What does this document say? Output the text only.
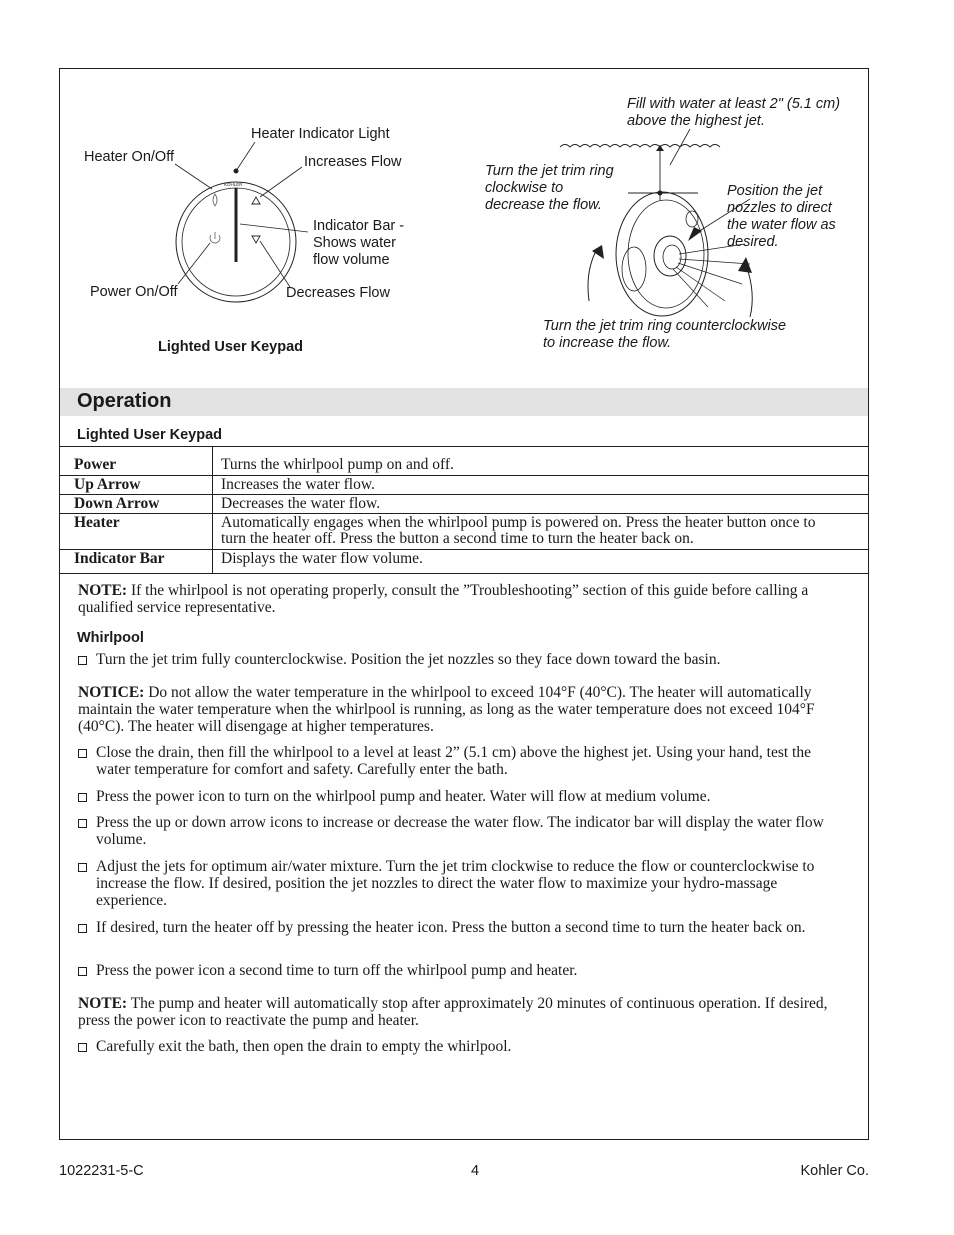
KOHLER
Heater Indicator Light
Heater On/Off	Increases Flow
Indicator Bar -
Shows water
flow volume
Power On/Off	Decreases Flow
Lighted User Keypad
Fill with water at least 2" (5.1 cm)
above the highest jet.
Turn the jet trim ring
clockwise to
decrease the flow.
Position the jet
nozzles to direct
the water flow as
desired.
Turn the jet trim ring counterclockwise
to increase the flow.
Operation
Lighted User Keypad
Power	Turns the whirlpool pump on and off.
Up Arrow	Increases the water flow.
Down Arrow	Decreases the water flow.
Heater	Automatically engages when the whirlpool pump is powered on. Press the heater button once to turn the heater off. Press the button a second time to turn the heater back on.
Indicator Bar	Displays the water flow volume.
NOTE: If the whirlpool is not operating properly, consult the ”Troubleshooting” section of this guide before calling a qualified service representative.
Whirlpool
Turn the jet trim fully counterclockwise. Position the jet nozzles so they face down toward the basin.
NOTICE: Do not allow the water temperature in the whirlpool to exceed 104°F (40°C). The heater will automatically maintain the water temperature when the whirlpool is running, as long as the water temperature does not exceed 104°F (40°C). The heater will disengage at higher temperatures.
Close the drain, then fill the whirlpool to a level at least 2” (5.1 cm) above the highest jet. Using your hand, test the water temperature for comfort and safety. Carefully enter the bath.
Press the power icon to turn on the whirlpool pump and heater. Water will flow at medium volume.
Press the up or down arrow icons to increase or decrease the water flow. The indicator bar will display the water flow volume.
Adjust the jets for optimum air/water mixture. Turn the jet trim clockwise to reduce the flow or counterclockwise to increase the flow. If desired, position the jet nozzles to direct the water flow to maximize your hydro-massage experience.
If desired, turn the heater off by pressing the heater icon. Press the button a second time to turn the heater back on.
Press the power icon a second time to turn off the whirlpool pump and heater.
NOTE: The pump and heater will automatically stop after approximately 20 minutes of continuous operation. If desired, press the power icon to reactivate the pump and heater.
Carefully exit the bath, then open the drain to empty the whirlpool.
1022231-5-C	4	Kohler Co.
